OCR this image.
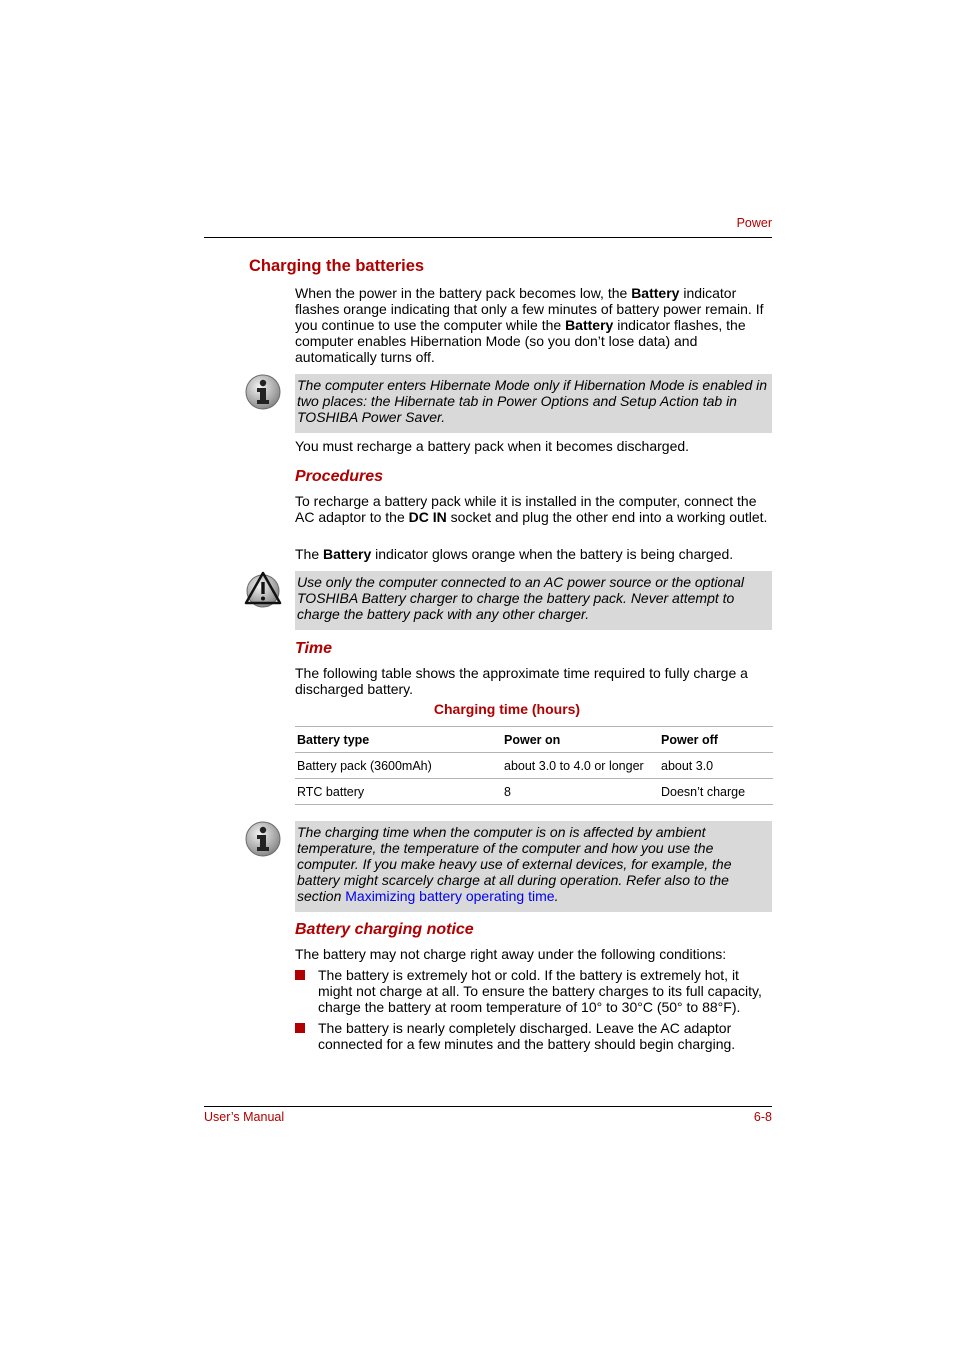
Power
Charging the batteries
When the power in the battery pack becomes low, the Battery indicator flashes orange indicating that only a few minutes of battery power remain. If you continue to use the computer while the Battery indicator flashes, the computer enables Hibernation Mode (so you don’t lose data) and automatically turns off.
The computer enters Hibernate Mode only if Hibernation Mode is enabled in two places: the Hibernate tab in Power Options and Setup Action tab in TOSHIBA Power Saver.
You must recharge a battery pack when it becomes discharged.
Procedures
To recharge a battery pack while it is installed in the computer, connect the AC adaptor to the DC IN socket and plug the other end into a working outlet.
The Battery indicator glows orange when the battery is being charged.
Use only the computer connected to an AC power source or the optional TOSHIBA Battery charger to charge the battery pack. Never attempt to charge the battery pack with any other charger.
Time
The following table shows the approximate time required to fully charge a discharged battery.
Charging time (hours)
Battery type	Power on	Power off
Battery pack (3600mAh)	about 3.0 to 4.0 or longer	about 3.0
RTC battery	8	Doesn’t charge
The charging time when the computer is on is affected by ambient temperature, the temperature of the computer and how you use the computer. If you make heavy use of external devices, for example, the battery might scarcely charge at all during operation. Refer also to the section Maximizing battery operating time.
Battery charging notice
The battery may not charge right away under the following conditions:
The battery is extremely hot or cold. If the battery is extremely hot, it might not charge at all. To ensure the battery charges to its full capacity, charge the battery at room temperature of 10° to 30°C (50° to 88°F).
The battery is nearly completely discharged. Leave the AC adaptor connected for a few minutes and the battery should begin charging.
User’s Manual	6-8
